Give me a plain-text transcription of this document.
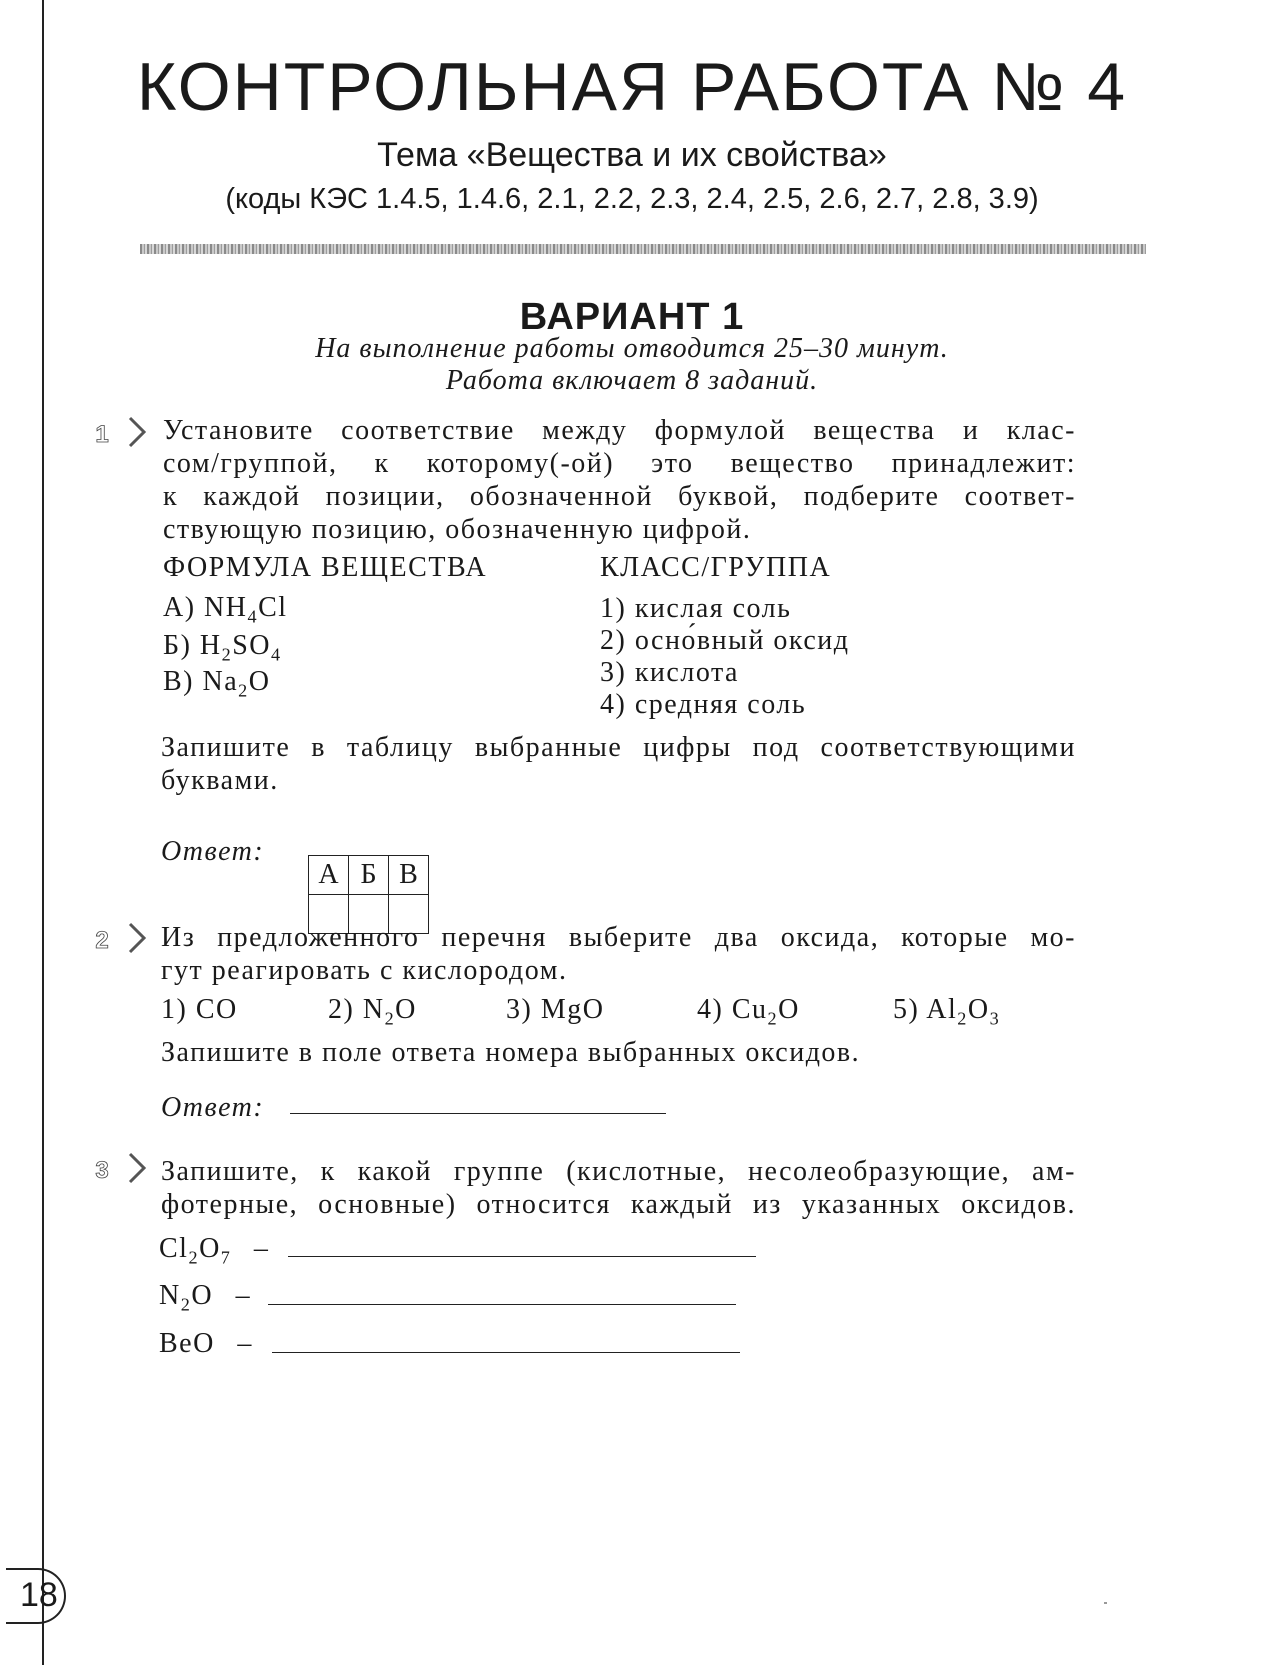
КОНТРОЛЬНАЯ РАБОТА № 4
Тема «Вещества и их свойства»
(коды КЭС 1.4.5, 1.4.6, 2.1, 2.2, 2.3, 2.4, 2.5, 2.6, 2.7, 2.8, 3.9)
ВАРИАНТ 1
На выполнение работы отводится 25–30 минут.
Работа включает 8 заданий.
1 Установите соответствие между формулой вещества и клас-
сом/группой, к которому(-ой) это вещество принадлежит:
к каждой позиции, обозначенной буквой, подберите соответ-
ствующую позицию, обозначенную цифрой.
ФОРМУЛА ВЕЩЕСТВА	КЛАСС/ГРУППА
А) $NH_4Cl$
Б) $H_2SO_4$
В) $Na_2O$
1) кислая соль
2) осно́вный оксид
3) кислота
4) средняя соль
Запишите в таблицу выбранные цифры под соответствующими
буквами.
Ответ:
А	Б	В

2 Из предложенного перечня выберите два оксида, которые мо-
гут реагировать с кислородом.
1) CO	2) $N_2O$	3) MgO	4) $Cu_2O$	5) $Al_2O_3$
Запишите в поле ответа номера выбранных оксидов.
Ответ:
3 Запишите, к какой группе (кислотные, несолеобразующие, ам-
фотерные, основные) относится каждый из указанных оксидов.
$Cl_2O_7$ –
$N_2O$ –
BeO –
18
